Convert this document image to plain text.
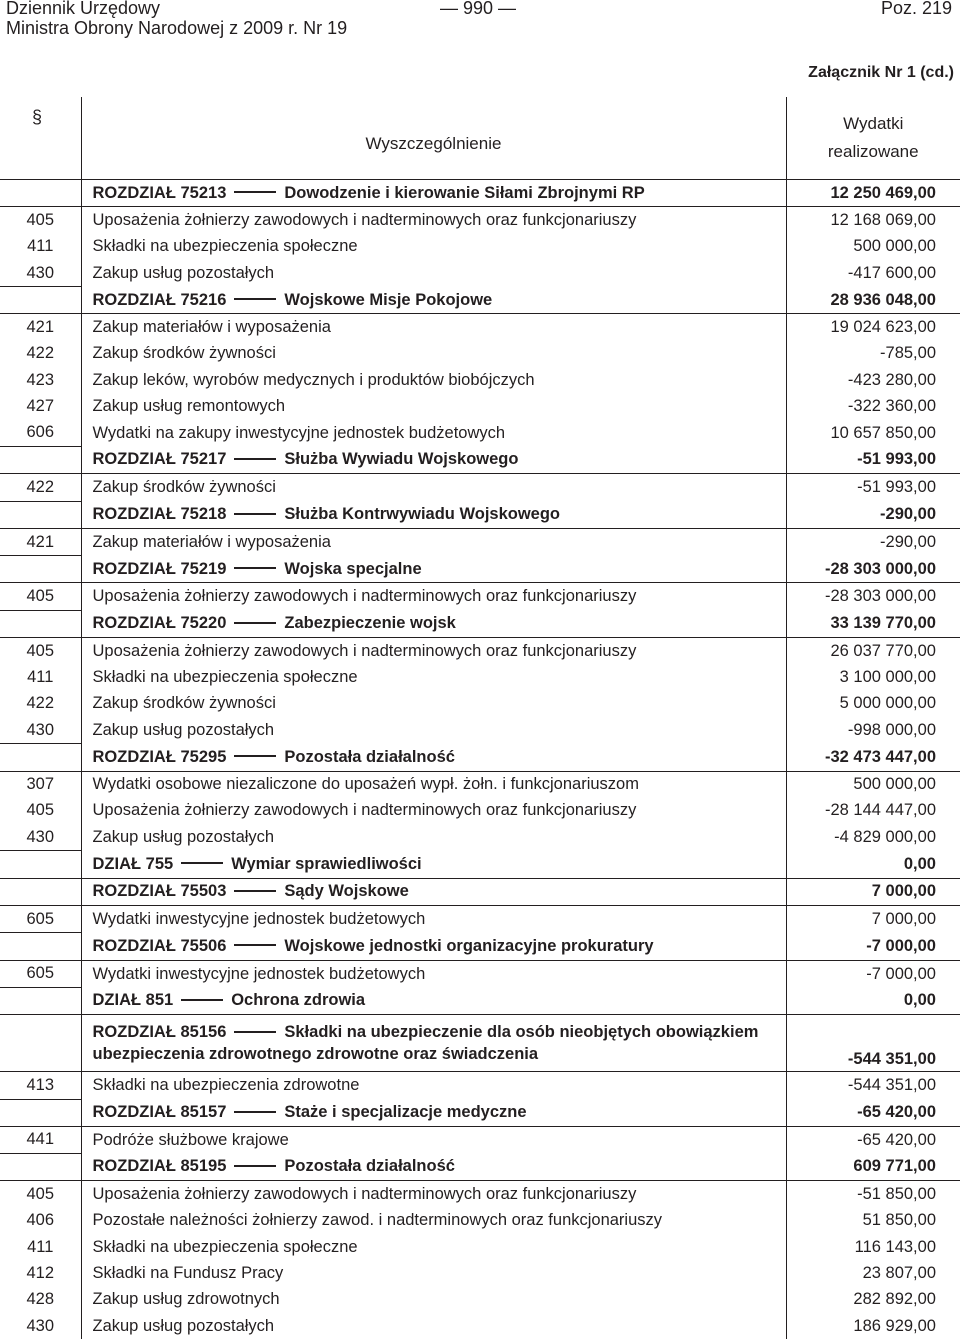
Dziennik Urzędowy
Ministra Obrony Narodowej z 2009 r. Nr 19
— 990 —	Poz. 219
Załącznik Nr 1 (cd.)
§	Wyszczególnienie	Wydatki
realizowane

	ROZDZIAŁ 75213 Dowodzenie i kierowanie Siłami Zbrojnymi RP	12 250 469,00
405	Uposażenia żołnierzy zawodowych i nadterminowych oraz funkcjonariuszy	12 168 069,00
411	Składki na ubezpieczenia społeczne	500 000,00
430	Zakup usług pozostałych	-417 600,00
	ROZDZIAŁ 75216 Wojskowe Misje Pokojowe	28 936 048,00
421	Zakup materiałów i wyposażenia	19 024 623,00
422	Zakup środków żywności	-785,00
423	Zakup leków, wyrobów medycznych i produktów biobójczych	-423 280,00
427	Zakup usług remontowych	-322 360,00
606	Wydatki na zakupy inwestycyjne jednostek budżetowych	10 657 850,00
	ROZDZIAŁ 75217 Służba Wywiadu Wojskowego	-51 993,00
422	Zakup środków żywności	-51 993,00
	ROZDZIAŁ 75218 Służba Kontrwywiadu Wojskowego	-290,00
421	Zakup materiałów i wyposażenia	-290,00
	ROZDZIAŁ 75219 Wojska specjalne	-28 303 000,00
405	Uposażenia żołnierzy zawodowych i nadterminowych oraz funkcjonariuszy	-28 303 000,00
	ROZDZIAŁ 75220 Zabezpieczenie wojsk	33 139 770,00
405	Uposażenia żołnierzy zawodowych i nadterminowych oraz funkcjonariuszy	26 037 770,00
411	Składki na ubezpieczenia społeczne	3 100 000,00
422	Zakup środków żywności	5 000 000,00
430	Zakup usług pozostałych	-998 000,00
	ROZDZIAŁ 75295 Pozostała działalność	-32 473 447,00
307	Wydatki osobowe niezaliczone do uposażeń wypł. żołn. i funkcjonariuszom	500 000,00
405	Uposażenia żołnierzy zawodowych i nadterminowych oraz funkcjonariuszy	-28 144 447,00
430	Zakup usług pozostałych	-4 829 000,00
	DZIAŁ 755 Wymiar sprawiedliwości	0,00
	ROZDZIAŁ 75503 Sądy Wojskowe	7 000,00
605	Wydatki inwestycyjne jednostek budżetowych	7 000,00
	ROZDZIAŁ 75506 Wojskowe jednostki organizacyjne prokuratury	-7 000,00
605	Wydatki inwestycyjne jednostek budżetowych	-7 000,00
	DZIAŁ 851 Ochrona zdrowia	0,00
	ROZDZIAŁ 85156 Składki na ubezpieczenie dla osób nieobjętych obowiązkiem ubezpieczenia zdrowotnego zdrowotne oraz świadczenia	-544 351,00
413	Składki na ubezpieczenia zdrowotne	-544 351,00
	ROZDZIAŁ 85157 Staże i specjalizacje medyczne	-65 420,00
441	Podróże służbowe krajowe	-65 420,00
	ROZDZIAŁ 85195 Pozostała działalność	609 771,00
405	Uposażenia żołnierzy zawodowych i nadterminowych oraz funkcjonariuszy	-51 850,00
406	Pozostałe należności żołnierzy zawod. i nadterminowych oraz funkcjonariuszy	51 850,00
411	Składki na ubezpieczenia społeczne	116 143,00
412	Składki na Fundusz Pracy	23 807,00
428	Zakup usług zdrowotnych	282 892,00
430	Zakup usług pozostałych	186 929,00
